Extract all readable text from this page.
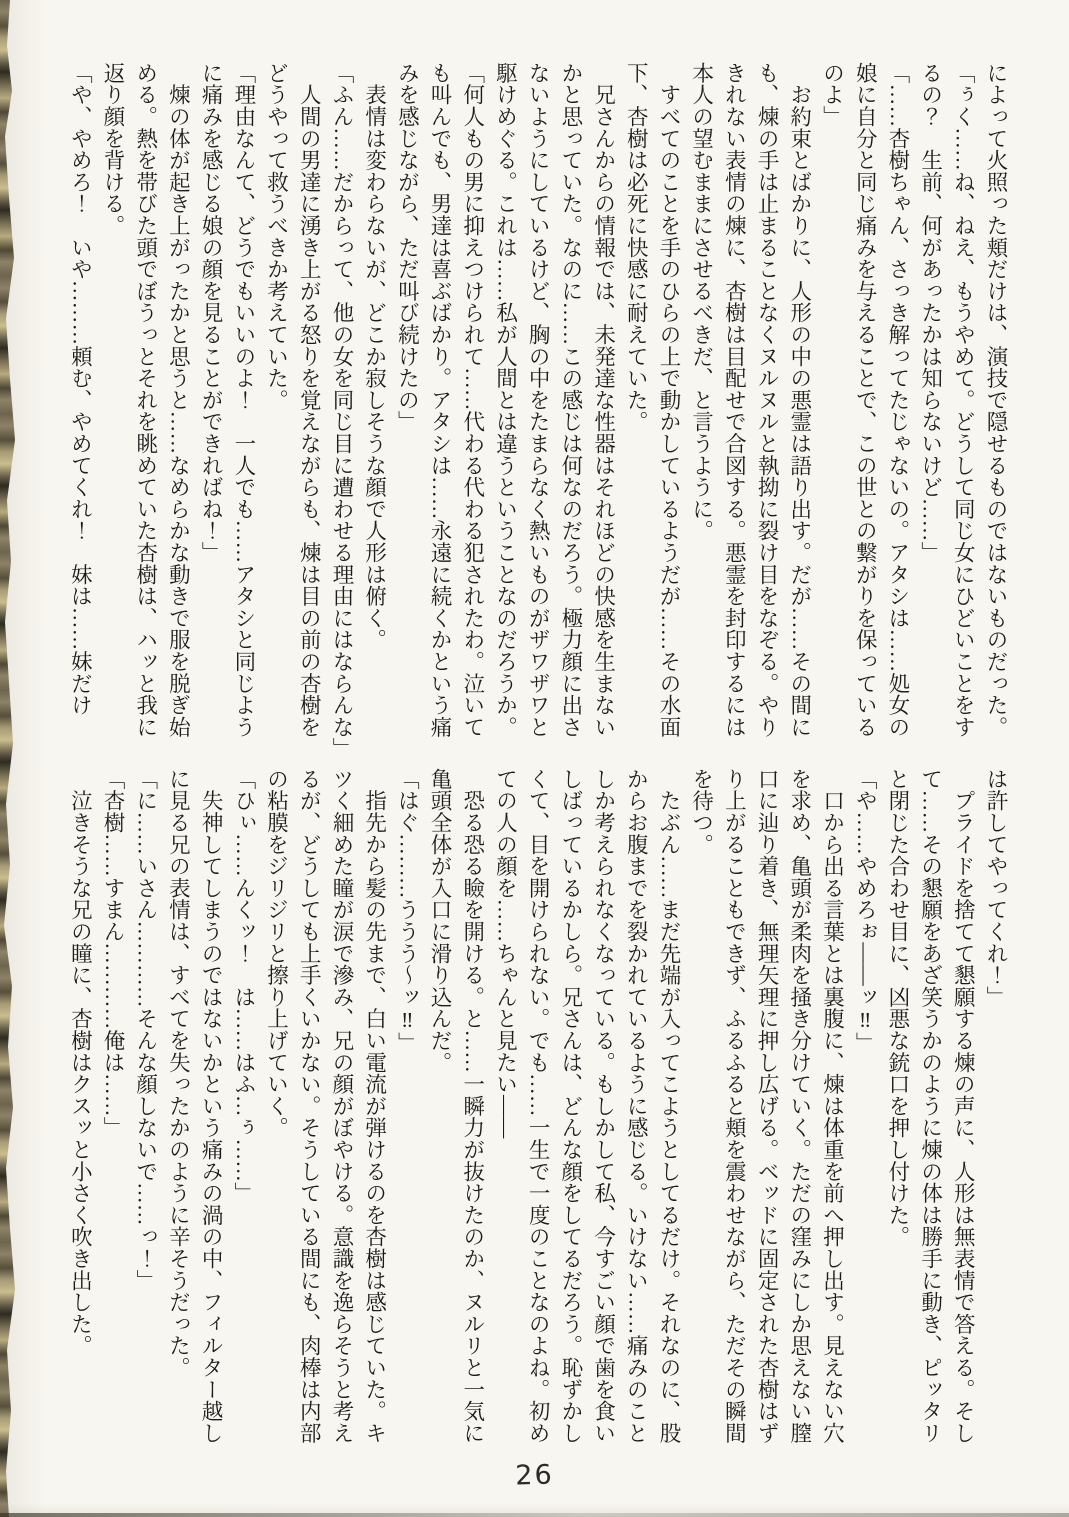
によって火照った頬だけは、演技で隠せるものではないものだった。
「ぅく……ね、ねえ、もうやめて。どうして同じ女にひどいことをす
るの？　生前、何があったかは知らないけど……」
「……杏樹ちゃん、さっき解ってたじゃないの。アタシは……処女の
娘に自分と同じ痛みを与えることで、この世との繋がりを保っている
のよ」
　お約束とばかりに、人形の中の悪霊は語り出す。だが……その間に
も、煉の手は止まることなくヌルヌルと執拗に裂け目をなぞる。やり
きれない表情の煉に、杏樹は目配せで合図する。悪霊を封印するには
本人の望むままにさせるべきだ、と言うように。
　すべてのことを手のひらの上で動かしているようだが……その水面
下、杏樹は必死に快感に耐えていた。
　兄さんからの情報では、未発達な性器はそれほどの快感を生まない
かと思っていた。なのに……この感じは何なのだろう。極力顔に出さ
ないようにしているけど、胸の中をたまらなく熱いものがザワザワと
駆けめぐる。これは……私が人間とは違うということなのだろうか。
「何人もの男に抑えつけられて……代わる代わる犯されたわ。泣いて
も叫んでも、男達は喜ぶばかり。アタシは……永遠に続くかという痛
みを感じながら、ただ叫び続けたの」
　表情は変わらないが、どこか寂しそうな顔で人形は俯く。
「ふん……だからって、他の女を同じ目に遭わせる理由にはならんな」
　人間の男達に湧き上がる怒りを覚えながらも、煉は目の前の杏樹を
どうやって救うべきか考えていた。
「理由なんて、どうでもいいのよ！　一人でも……アタシと同じよう
に痛みを感じる娘の顔を見ることができればね！」
　煉の体が起き上がったかと思うと……なめらかな動きで服を脱ぎ始
める。熱を帯びた頭でぼうっとそれを眺めていた杏樹は、ハッと我に
返り顔を背ける。
「や、やめろ！　いや………頼む、やめてくれ！　妹は……妹だけ
は許してやってくれ！」
　プライドを捨てて懇願する煉の声に、人形は無表情で答える。そし
て……その懇願をあざ笑うかのように煉の体は勝手に動き、ピッタリ
と閉じた合わせ目に、凶悪な銃口を押し付けた。
「や……やめろぉ――ッ‼」
　口から出る言葉とは裏腹に、煉は体重を前へ押し出す。見えない穴
を求め、亀頭が柔肉を掻き分けていく。ただの窪みにしか思えない膣
口に辿り着き、無理矢理に押し広げる。ベッドに固定された杏樹はず
り上がることもできず、ふるふると頬を震わせながら、ただその瞬間
を待つ。
　たぶん……まだ先端が入ってこようとしてるだけ。それなのに、股
からお腹までを裂かれているように感じる。いけない……痛みのこと
しか考えられなくなっている。もしかして私、今すごい顔で歯を食い
しばっているかしら。兄さんは、どんな顔をしてるだろう。恥ずかし
くて、目を開けられない。でも……一生で一度のことなのよね。初め
ての人の顔を……ちゃんと見たい――
　恐る恐る瞼を開ける。と……一瞬力が抜けたのか、ヌルリと一気に
亀頭全体が入口に滑り込んだ。
「はぐ………ううう～ッ‼」
　指先から髪の先まで、白い電流が弾けるのを杏樹は感じていた。キ
ツく細めた瞳が涙で滲み、兄の顔がぼやける。意識を逸らそうと考え
るが、どうしても上手くいかない。そうしている間にも、肉棒は内部
の粘膜をジリジリと擦り上げていく。
「ひぃ……んくッ！　は……はふ…ぅ……」
　失神してしまうのではないかという痛みの渦の中、フィルター越し
に見る兄の表情は、すべてを失ったかのように辛そうだった。
「に……いさん…………そんな顔しないで……っ！」
「杏樹……すまん…………俺は……」
　泣きそうな兄の瞳に、杏樹はクスッと小さく吹き出した。
26
